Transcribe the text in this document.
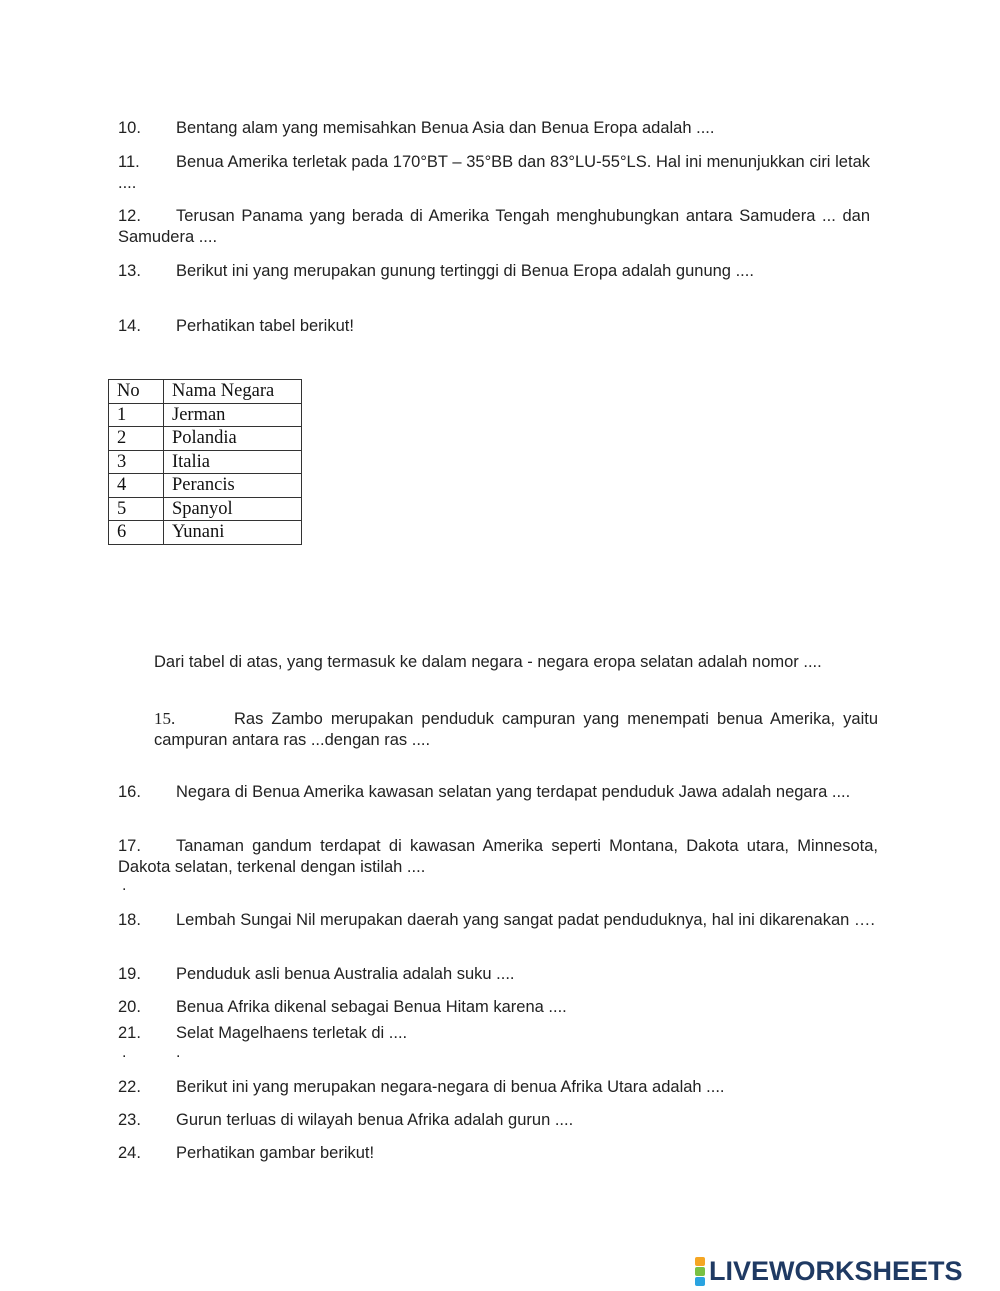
10. Bentang alam yang memisahkan Benua Asia dan Benua Eropa adalah ....
11. Benua Amerika terletak pada 170°BT – 35°BB dan 83°LU-55°LS. Hal ini menunjukkan ciri letak ....
12. Terusan Panama yang berada di Amerika Tengah menghubungkan antara Samudera ... dan Samudera ....
13. Berikut ini yang merupakan gunung tertinggi di Benua Eropa adalah gunung ....
14. Perhatikan tabel berikut!
No	Nama Negara
1	Jerman
2	Polandia
3	Italia
4	Perancis
5	Spanyol
6	Yunani
Dari tabel di atas, yang termasuk ke dalam negara - negara eropa selatan adalah nomor ....
15.	Ras Zambo merupakan penduduk campuran yang menempati benua Amerika, yaitu campuran antara ras ...dengan ras ....
16. Negara di Benua Amerika kawasan selatan yang terdapat penduduk Jawa adalah negara ....
17. Tanaman gandum terdapat di kawasan Amerika seperti Montana, Dakota utara, Minnesota, Dakota selatan, terkenal dengan istilah ....
.
18. Lembah Sungai Nil merupakan daerah yang sangat padat penduduknya, hal ini dikarenakan ….
19. Penduduk asli benua Australia adalah suku ....
20. Benua Afrika dikenal sebagai Benua Hitam karena ....
21. Selat Magelhaens terletak di ....
.	.
22. Berikut ini yang merupakan negara-negara di benua Afrika Utara adalah ....
23. Gurun terluas di wilayah benua Afrika adalah gurun ....
24. Perhatikan gambar berikut!
LIVEWORKSHEETS
